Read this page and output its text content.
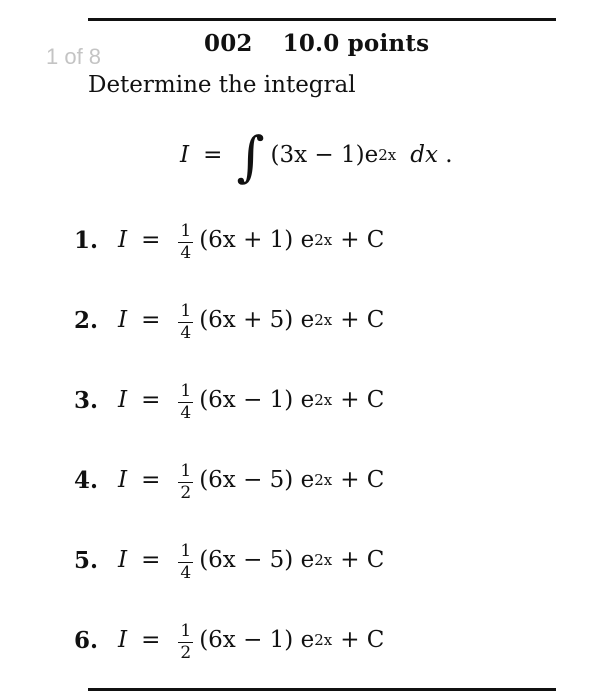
1 of 8	002 10.0 points
Determine the integral
I = ∫ (3x − 1)e 2x dx
.
1. $I = \frac{1}{4} (6x + 1)$ e 2x + C
2. $I = \frac{1}{4} (6x + 5)$ e 2x + C
3. $I = \frac{1}{4} (6x - 1)$ e 2x + C
4. $I = \frac{1}{2} (6x - 5)$ e 2x + C
5. $I = \frac{1}{4} (6x - 5)$ e 2x + C
6. $I = \frac{1}{2} (6x - 1)$ e 2x + C
